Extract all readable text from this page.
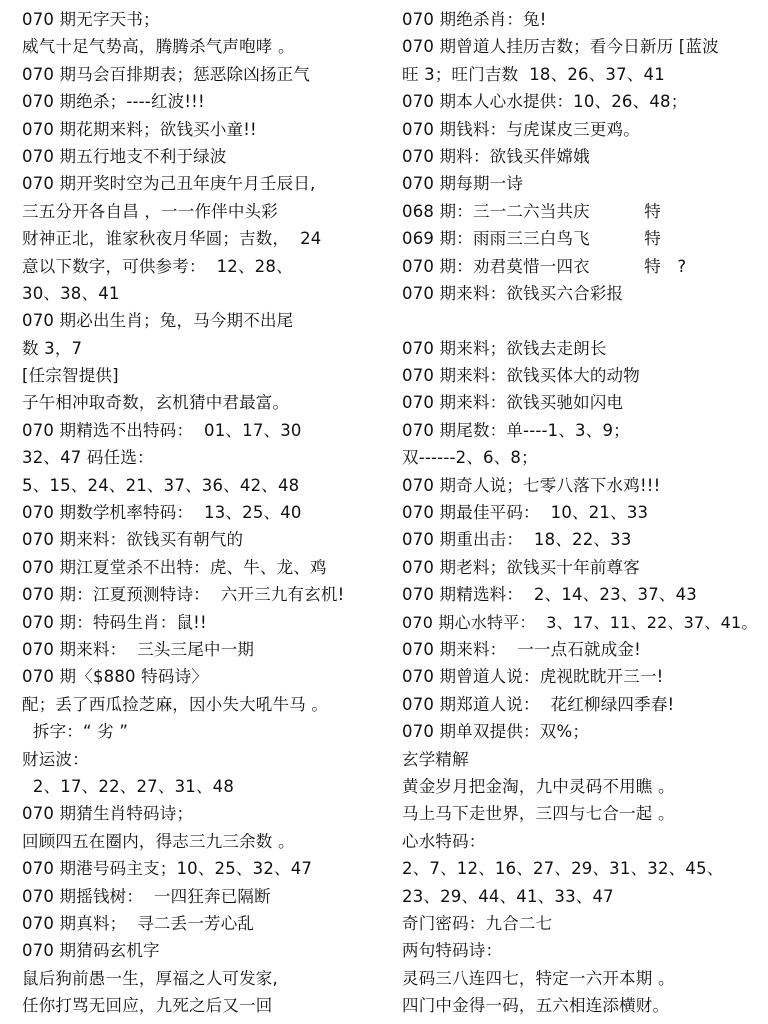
070 期无字天书；
威气十足气势高，腾腾杀气声咆哮 。
070 期马会百排期表；惩恶除凶扬正气
070 期绝杀；----红波!!!
070 期花期来料；欲钱买小童!!
070 期五行地支不利于绿波
070 期开奖时空为己丑年庚午月壬辰日,
三五分开各自昌 ，一一作伴中头彩
财神正北，谁家秋夜月华圆；吉数，  24
意以下数字，可供参考：  12、28、
30、38、41
070 期必出生肖；兔，马今期不出尾
数 3，7
[任宗智提供]
子午相冲取奇数，玄机猜中君最富。
070 期精选不出特码：  01、17、30
32、47 码任选：
5、15、24、21、37、36、42、48
070 期数学机率特码：  13、25、40
070 期来料：欲钱买有朝气的
070 期江夏堂杀不出特：虎、牛、龙、鸡
070 期：江夏预测特诗：  六开三九有玄机!
070 期：特码生肖：鼠!!
070 期来料：  三头三尾中一期
070 期〈$880 特码诗〉
配；丢了西瓜捡芝麻，因小失大吼牛马 。
拆字：“ 劣 ”
财运波：
2、17、22、27、31、48
070 期猜生肖特码诗；
回顾四五在圈内，得志三九三余数 。
070 期港号码主支；10、25、32、47
070 期摇钱树：  一四狂奔已隔断
070 期真料；  寻二丢一芳心乱
070 期猜码玄机字
鼠后狗前愚一生，厚福之人可发家,
任你打骂无回应，九死之后又一回
070 期绝杀肖：兔!
070 期曾道人挂历吉数；看今日新历 [蓝波
旺 3；旺门吉数  18、26、37、41
070 期本人心水提供：10、26、48；
070 期钱料：与虎谋皮三更鸡。
070 期料：欲钱买伴嫦娥
070 期每期一诗
068 期：三一二六当共庆          特
069 期：雨雨三三白鸟飞          特
070 期：劝君莫惜一四衣          特   ?
070 期来料：欲钱买六合彩报
070 期来料；欲钱去走朗长
070 期来料：欲钱买体大的动物
070 期来料：欲钱买驰如闪电
070 期尾数：单----1、3、9；
双------2、6、8；
070 期奇人说；七零八落下水鸡!!!
070 期最佳平码：  10、21、33
070 期重出击：  18、22、33
070 期老料；欲钱买十年前尊客
070 期精选料：  2、14、23、37、43
070 期心水特平：  3、17、11、22、37、41。
070 期来料：  一一点石就成金!
070 期曾道人说：虎视眈眈开三一!
070 期郑道人说：  花红柳绿四季春!
070 期单双提供：双%；
玄学精解
黄金岁月把金淘，九中灵码不用瞧 。
马上马下走世界，三四与七合一起 。
心水特码：
2、7、12、16、27、29、31、32、45、
23、29、44、41、33、47
奇门密码：九合二七
两句特码诗：
灵码三八连四七，特定一六开本期 。
四门中金得一码，五六相连添横财。
